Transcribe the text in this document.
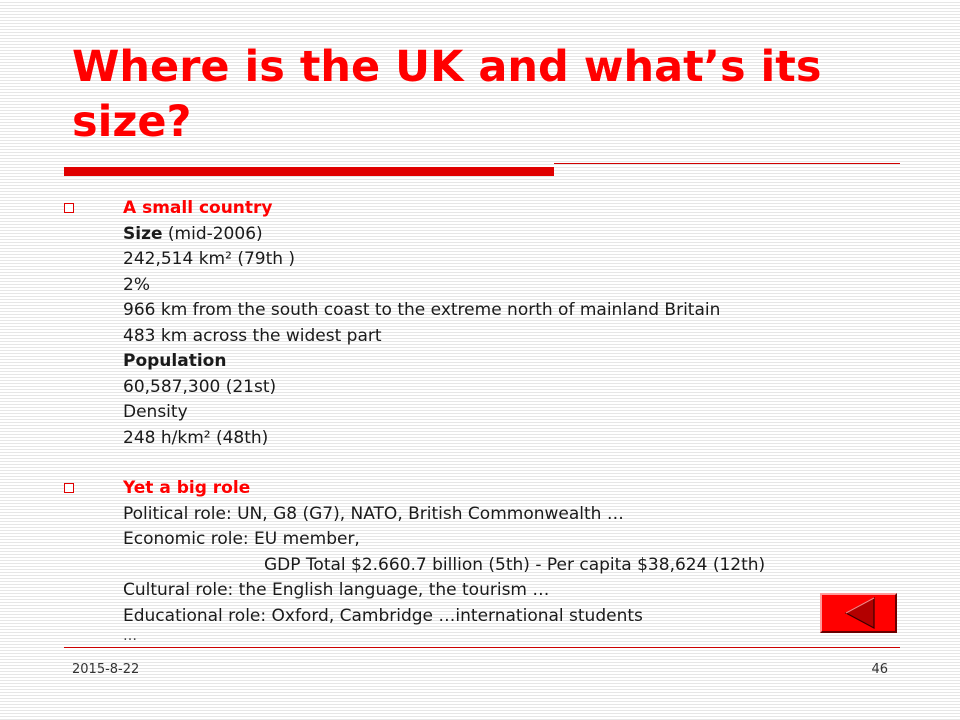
Where is the UK and what’s its size?
A small country
Size (mid-2006)
242,514 km² (79th )
2%
966 km from the south coast to the extreme north of mainland Britain
483 km across the widest part
Population
60,587,300 (21st)
Density
248 h/km² (48th)
Yet a big role
Political role: UN, G8 (G7), NATO, British Commonwealth …
Economic role: EU member,
GDP Total $2.660.7 billion (5th) - Per capita $38,624 (12th)
Cultural role: the English language, the tourism …
Educational role: Oxford, Cambridge …international students
…
2015-8-22	46
